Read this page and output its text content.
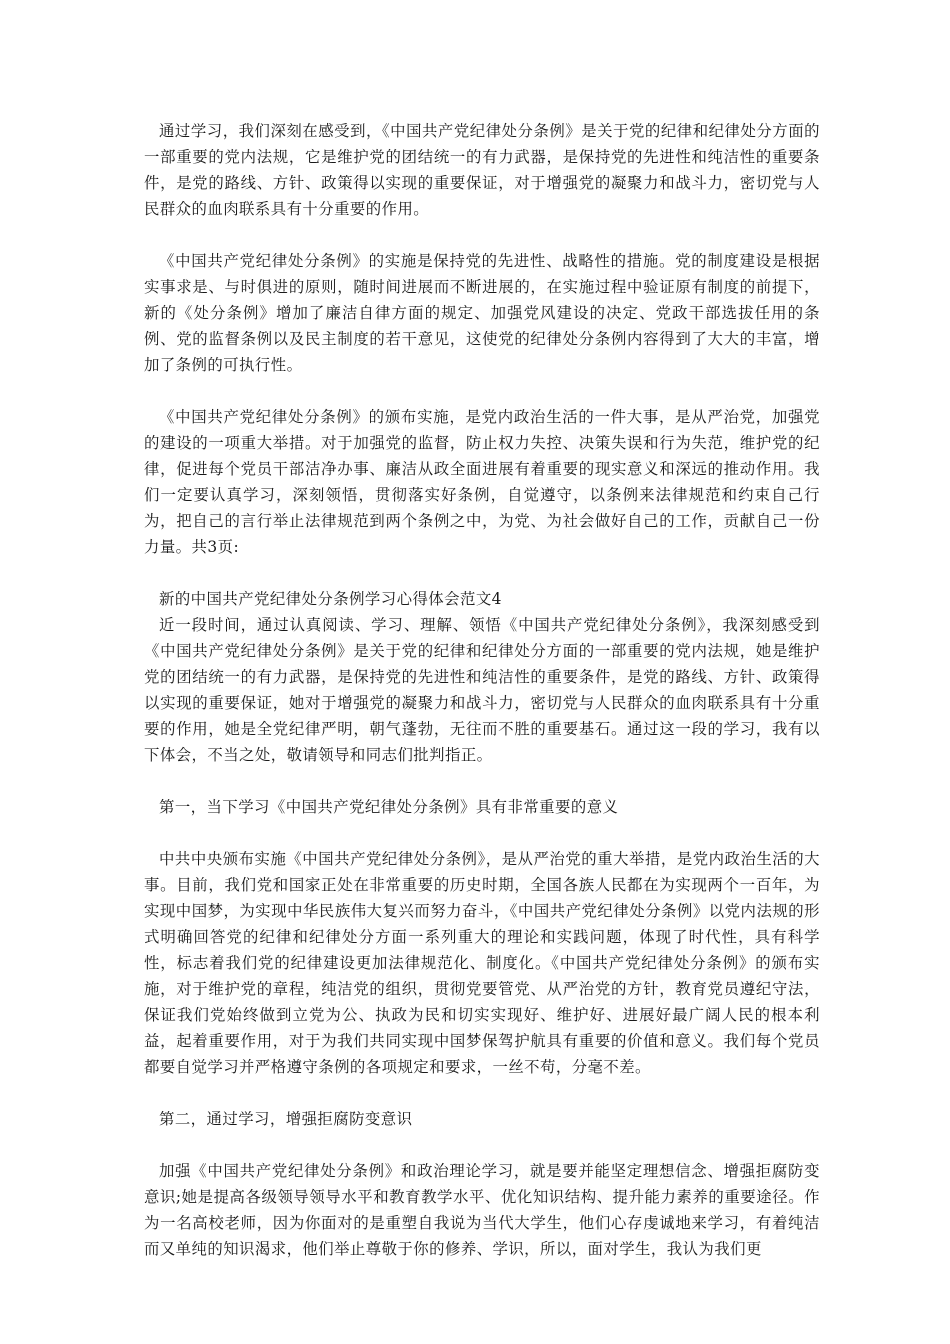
通过学习，我们深刻在感受到，《中国共产党纪律处分条例》是关于党的纪律和纪律处分方面的一部重要的党内法规，它是维护党的团结统一的有力武器，是保持党的先进性和纯洁性的重要条件，是党的路线、方针、政策得以实现的重要保证，对于增强党的凝聚力和战斗力，密切党与人民群众的血肉联系具有十分重要的作用。

《中国共产党纪律处分条例》的实施是保持党的先进性、战略性的措施。党的制度建设是根据实事求是、与时俱进的原则，随时间进展而不断进展的，在实施过程中验证原有制度的前提下，新的《处分条例》增加了廉洁自律方面的规定、加强党风建设的决定、党政干部选拔任用的条例、党的监督条例以及民主制度的若干意见，这使党的纪律处分条例内容得到了大大的丰富，增加了条例的可执行性。

《中国共产党纪律处分条例》的颁布实施，是党内政治生活的一件大事，是从严治党，加强党的建设的一项重大举措。对于加强党的监督，防止权力失控、决策失误和行为失范，维护党的纪律，促进每个党员干部洁净办事、廉洁从政全面进展有着重要的现实意义和深远的推动作用。我们一定要认真学习，深刻领悟，贯彻落实好条例，自觉遵守，以条例来法律规范和约束自己行为，把自己的言行举止法律规范到两个条例之中，为党、为社会做好自己的工作，贡献自己一份力量。共3页:

新的中国共产党纪律处分条例学习心得体会范文4

近一段时间，通过认真阅读、学习、理解、领悟《中国共产党纪律处分条例》，我深刻感受到《中国共产党纪律处分条例》是关于党的纪律和纪律处分方面的一部重要的党内法规，她是维护党的团结统一的有力武器，是保持党的先进性和纯洁性的重要条件，是党的路线、方针、政策得以实现的重要保证，她对于增强党的凝聚力和战斗力，密切党与人民群众的血肉联系具有十分重要的作用，她是全党纪律严明，朝气蓬勃，无往而不胜的重要基石。通过这一段的学习，我有以下体会，不当之处，敬请领导和同志们批判指正。

第一，当下学习《中国共产党纪律处分条例》具有非常重要的意义

中共中央颁布实施《中国共产党纪律处分条例》，是从严治党的重大举措，是党内政治生活的大事。目前，我们党和国家正处在非常重要的历史时期，全国各族人民都在为实现两个一百年，为实现中国梦，为实现中华民族伟大复兴而努力奋斗，《中国共产党纪律处分条例》以党内法规的形式明确回答党的纪律和纪律处分方面一系列重大的理论和实践问题，体现了时代性，具有科学性，标志着我们党的纪律建设更加法律规范化、制度化。《中国共产党纪律处分条例》的颁布实施，对于维护党的章程，纯洁党的组织，贯彻党要管党、从严治党的方针，教育党员遵纪守法，保证我们党始终做到立党为公、执政为民和切实实现好、维护好、进展好最广阔人民的根本利益，起着重要作用，对于为我们共同实现中国梦保驾护航具有重要的价值和意义。我们每个党员都要自觉学习并严格遵守条例的各项规定和要求，一丝不苟，分毫不差。

第二，通过学习，增强拒腐防变意识

加强《中国共产党纪律处分条例》和政治理论学习，就是要并能坚定理想信念、增强拒腐防变意识;她是提高各级领导领导水平和教育教学水平、优化知识结构、提升能力素养的重要途径。作为一名高校老师，因为你面对的是重塑自我说为当代大学生，他们心存虔诚地来学习，有着纯洁而又单纯的知识渴求，他们举止尊敬于你的修养、学识，所以，面对学生，我认为我们更
